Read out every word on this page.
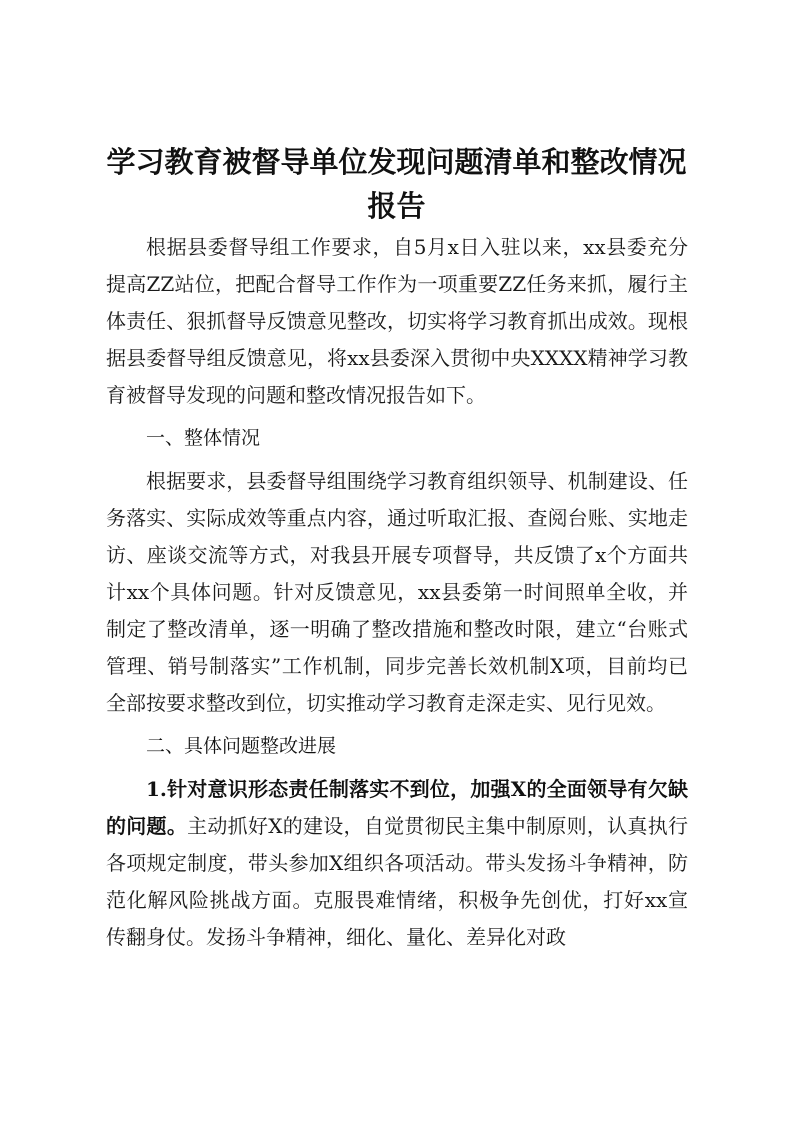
学习教育被督导单位发现问题清单和整改情况报告

根据县委督导组工作要求，自5月x日入驻以来，xx县委充分提高ZZ站位，把配合督导工作作为一项重要ZZ任务来抓，履行主体责任、狠抓督导反馈意见整改，切实将学习教育抓出成效。现根据县委督导组反馈意见，将xx县委深入贯彻中央XXXX精神学习教育被督导发现的问题和整改情况报告如下。

一、整体情况

根据要求，县委督导组围绕学习教育组织领导、机制建设、任务落实、实际成效等重点内容，通过听取汇报、查阅台账、实地走访、座谈交流等方式，对我县开展专项督导，共反馈了x个方面共计xx个具体问题。针对反馈意见，xx县委第一时间照单全收，并制定了整改清单，逐一明确了整改措施和整改时限，建立“台账式管理、销号制落实”工作机制，同步完善长效机制X项，目前均已全部按要求整改到位，切实推动学习教育走深走实、见行见效。

二、具体问题整改进展

1.针对意识形态责任制落实不到位，加强X的全面领导有欠缺的问题。主动抓好X的建设，自觉贯彻民主集中制原则，认真执行各项规定制度，带头参加X组织各项活动。带头发扬斗争精神，防范化解风险挑战方面。克服畏难情绪，积极争先创优，打好xx宣传翻身仗。发扬斗争精神，细化、量化、差异化对政
